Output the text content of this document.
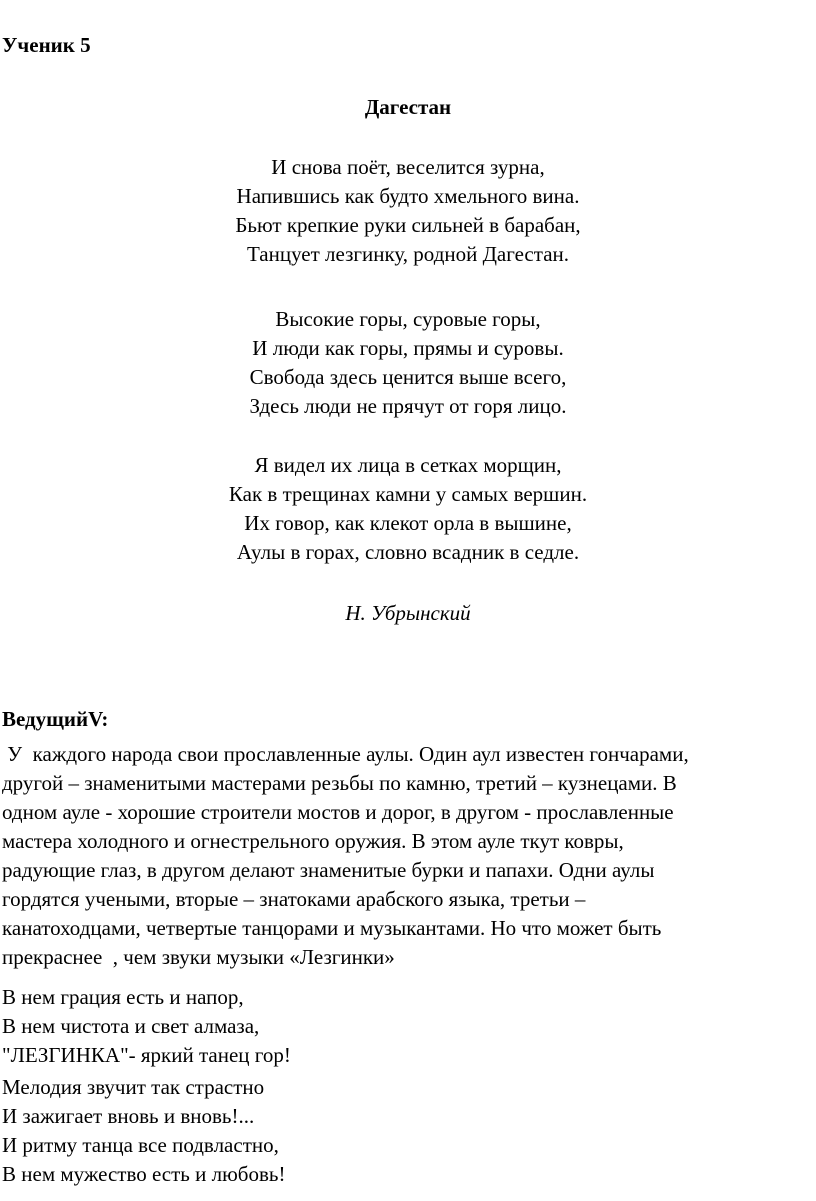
Ученик 5
Дагестан
И снова поёт, веселится зурна,
Напившись как будто хмельного вина.
Бьют крепкие руки сильней в барабан,
Танцует лезгинку, родной Дагестан.
Высокие горы, суровые горы,
И люди как горы, прямы и суровы.
Свобода здесь ценится выше всего,
Здесь люди не прячут от горя лицо.
Я видел их лица в сетках морщин,
Как в трещинах камни у самых вершин.
Их говор, как клекот орла в вышине,
Аулы в горах, словно всадник в седле.
Н. Убрынский
ВедущийV:
У  каждого народа свои прославленные аулы. Один аул известен гончарами,
другой – знаменитыми мастерами резьбы по камню, третий – кузнецами. В
одном ауле - хорошие строители мостов и дорог, в другом - прославленные
мастера холодного и огнестрельного оружия. В этом ауле ткут ковры,
радующие глаз, в другом делают знаменитые бурки и папахи. Одни аулы
гордятся учеными, вторые – знатоками арабского языка, третьи –
канатоходцами, четвертые танцорами и музыкантами. Но что может быть
прекраснее  , чем звуки музыки «Лезгинки»
В нем грация есть и напор,
В нем чистота и свет алмаза,
"ЛЕЗГИНКА"- яркий танец гор!
Мелодия звучит так страстно
И зажигает вновь и вновь!...
И ритму танца все подвластно,
В нем мужество есть и любовь!
